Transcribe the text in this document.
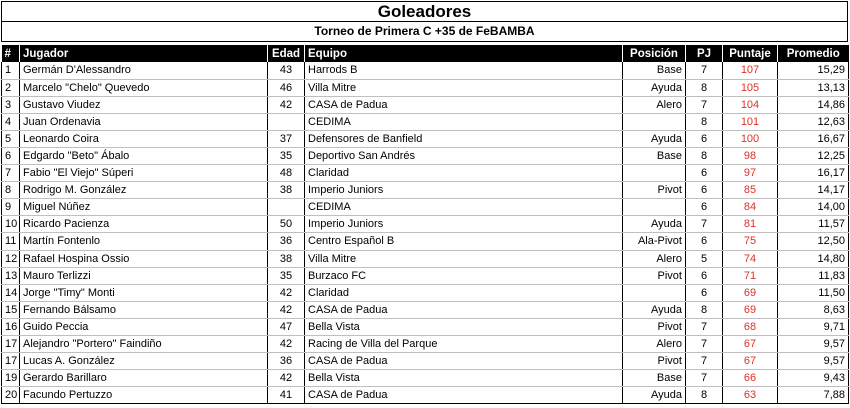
Goleadores
Torneo de Primera C +35 de FeBAMBA
#	Jugador	Edad	Equipo	Posición	PJ	Puntaje	Promedio
1	Germán D'Alessandro	43	Harrods B	Base	7	107	15,29
2	Marcelo "Chelo" Quevedo	46	Villa Mitre	Ayuda	8	105	13,13
3	Gustavo Viudez	42	CASA de Padua	Alero	7	104	14,86
4	Juan Ordenavia		CEDIMA		8	101	12,63
5	Leonardo Coira	37	Defensores de Banfield	Ayuda	6	100	16,67
6	Edgardo "Beto" Ábalo	35	Deportivo San Andrés	Base	8	98	12,25
7	Fabio "El Viejo" Súperi	48	Claridad		6	97	16,17
8	Rodrigo M. González	38	Imperio Juniors	Pivot	6	85	14,17
9	Miguel Núñez		CEDIMA		6	84	14,00
10	Ricardo Pacienza	50	Imperio Juniors	Ayuda	7	81	11,57
11	Martín Fontenlo	36	Centro Español B	Ala-Pivot	6	75	12,50
12	Rafael Hospina Ossio	38	Villa Mitre	Alero	5	74	14,80
13	Mauro Terlizzi	35	Burzaco FC	Pivot	6	71	11,83
14	Jorge "Timy" Monti	42	Claridad		6	69	11,50
15	Fernando Bálsamo	42	CASA de Padua	Ayuda	8	69	8,63
16	Guido Peccia	47	Bella Vista	Pivot	7	68	9,71
17	Alejandro "Portero" Faindiño	42	Racing de Villa del Parque	Alero	7	67	9,57
17	Lucas A. González	36	CASA de Padua	Pivot	7	67	9,57
19	Gerardo Barillaro	42	Bella Vista	Base	7	66	9,43
20	Facundo Pertuzzo	41	CASA de Padua	Ayuda	8	63	7,88
